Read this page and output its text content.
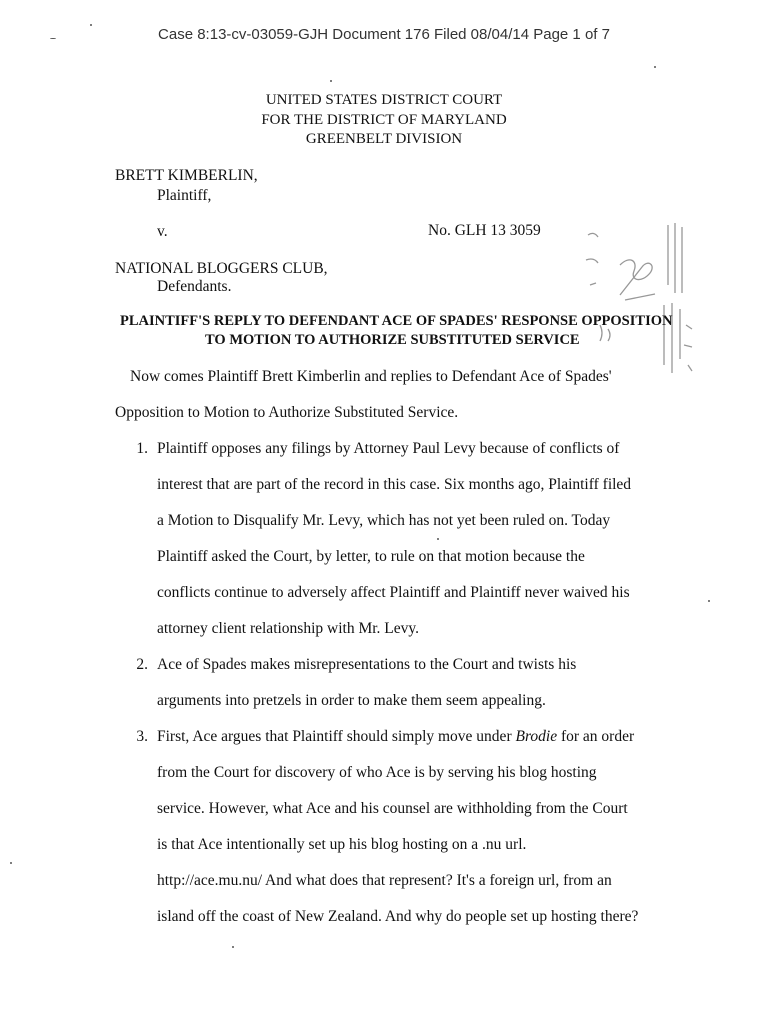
Case 8:13-cv-03059-GJH Document 176 Filed 08/04/14 Page 1 of 7
UNITED STATES DISTRICT COURT
FOR THE DISTRICT OF MARYLAND
GREENBELT DIVISION
BRETT KIMBERLIN,
Plaintiff,
v.	No. GLH 13 3059
NATIONAL BLOGGERS CLUB,
Defendants.
PLAINTIFF'S REPLY TO DEFENDANT ACE OF SPADES' RESPONSE OPPOSITION
TO MOTION TO AUTHORIZE SUBSTITUTED SERVICE
Now comes Plaintiff Brett Kimberlin and replies to Defendant Ace of Spades'
Opposition to Motion to Authorize Substituted Service.
1. Plaintiff opposes any filings by Attorney Paul Levy because of conflicts of
interest that are part of the record in this case. Six months ago, Plaintiff filed
a Motion to Disqualify Mr. Levy, which has not yet been ruled on. Today
Plaintiff asked the Court, by letter, to rule on that motion because the
conflicts continue to adversely affect Plaintiff and Plaintiff never waived his
attorney client relationship with Mr. Levy.
2. Ace of Spades makes misrepresentations to the Court and twists his
arguments into pretzels in order to make them seem appealing.
3. First, Ace argues that Plaintiff should simply move under Brodie for an order
from the Court for discovery of who Ace is by serving his blog hosting
service. However, what Ace and his counsel are withholding from the Court
is that Ace intentionally set up his blog hosting on a .nu url.
http://ace.mu.nu/ And what does that represent? It's a foreign url, from an
island off the coast of New Zealand. And why do people set up hosting there?
